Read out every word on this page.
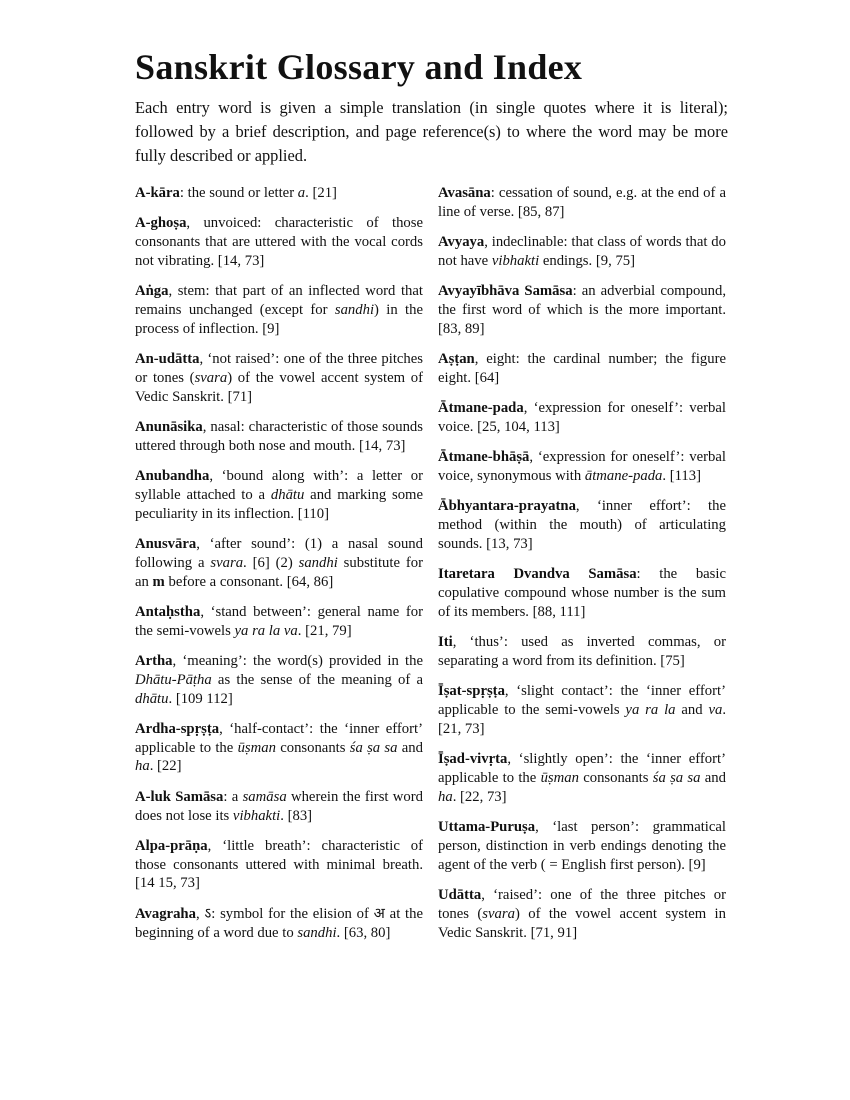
Sanskrit Glossary and Index

Each entry word is given a simple translation (in single quotes where it is literal); followed by a brief description, and page reference(s) to where the word may be more fully described or applied.

A-kāra: the sound or letter a. [21]

A-ghoṣa, unvoiced: characteristic of those consonants that are uttered with the vocal cords not vibrating. [14, 73]

Aṅga, stem: that part of an inflected word that remains unchanged (except for sandhi) in the process of inflection. [9]

An-udātta, ‘not raised’: one of the three pitches or tones (svara) of the vowel accent system of Vedic Sanskrit. [71]

Anunāsika, nasal: characteristic of those sounds uttered through both nose and mouth. [14, 73]

Anubandha, ‘bound along with’: a letter or syllable attached to a dhātu and marking some peculiarity in its inflection. [110]

Anusvāra, ‘after sound’: (1) a nasal sound following a svara. [6] (2) sandhi substitute for an m before a consonant. [64, 86]

Antaḥstha, ‘stand between’: general name for the semi-vowels ya ra la va. [21, 79]

Artha, ‘meaning’: the word(s) provided in the Dhātu-Pāṭha as the sense of the meaning of a dhātu. [109 112]

Ardha-spṛṣṭa, ‘half-contact’: the ‘inner effort’ applicable to the ūṣman consonants śa ṣa sa and ha. [22]

A-luk Samāsa: a samāsa wherein the first word does not lose its vibhakti. [83]

Alpa-prāṇa, ‘little breath’: characteristic of those consonants uttered with minimal breath. [14 15, 73]

Avagraha, ऽ: symbol for the elision of अ at the beginning of a word due to sandhi. [63, 80]

Avasāna: cessation of sound, e.g. at the end of a line of verse. [85, 87]

Avyaya, indeclinable: that class of words that do not have vibhakti endings. [9, 75]

Avyayībhāva Samāsa: an adverbial compound, the first word of which is the more important. [83, 89]

Aṣṭan, eight: the cardinal number; the figure eight. [64]

Ātmane-pada, ‘expression for oneself’: verbal voice. [25, 104, 113]

Ātmane-bhāṣā, ‘expression for oneself’: verbal voice, synonymous with ātmane-pada. [113]

Ābhyantara-prayatna, ‘inner effort’: the method (within the mouth) of articulating sounds. [13, 73]

Itaretara Dvandva Samāsa: the basic copulative compound whose number is the sum of its members. [88, 111]

Iti, ‘thus’: used as inverted commas, or separating a word from its definition. [75]

Īṣat-spṛṣṭa, ‘slight contact’: the ‘inner effort’ applicable to the semi-vowels ya ra la and va. [21, 73]

Īṣad-vivṛta, ‘slightly open’: the ‘inner effort’ applicable to the ūṣman consonants śa ṣa sa and ha. [22, 73]

Uttama-Puruṣa, ‘last person’: grammatical person, distinction in verb endings denoting the agent of the verb ( = English first person). [9]

Udātta, ‘raised’: one of the three pitches or tones (svara) of the vowel accent system in Vedic Sanskrit. [71, 91]
